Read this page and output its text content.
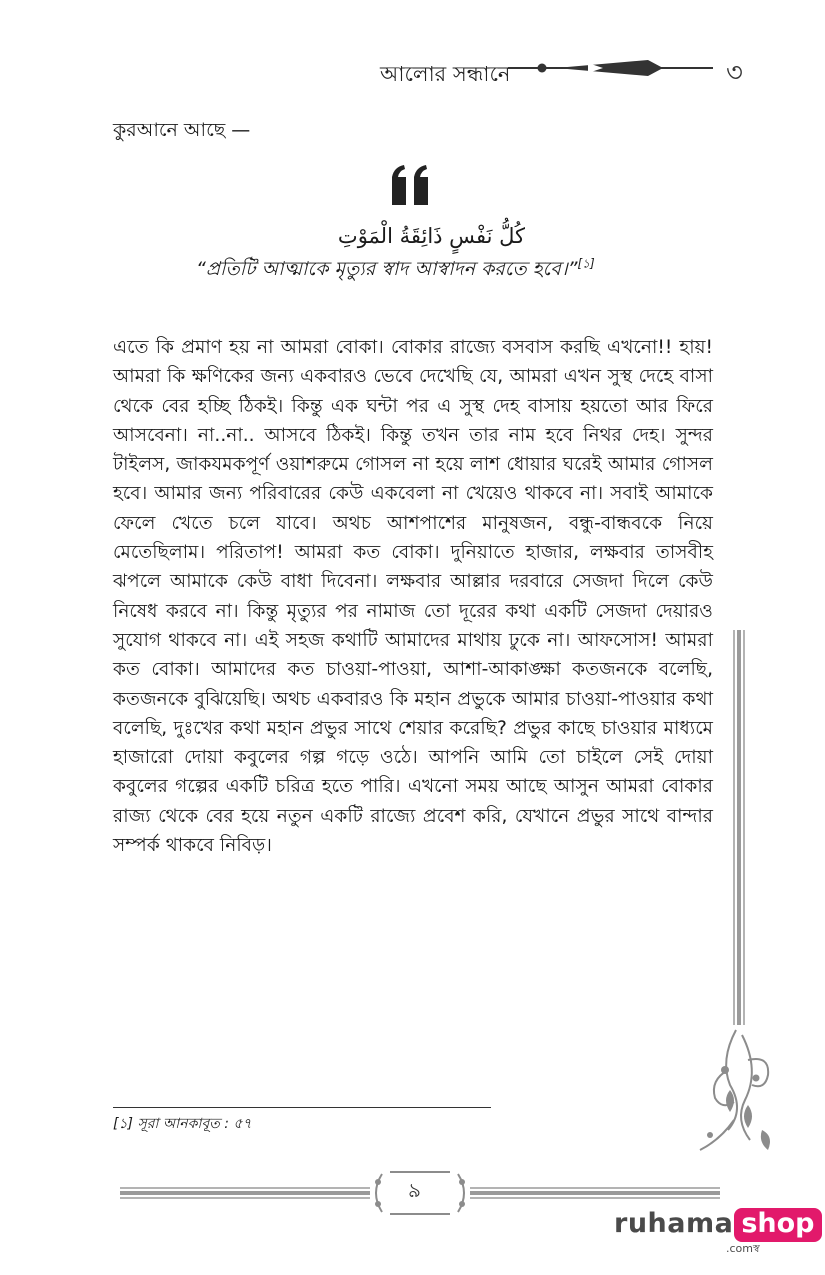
আলোর সন্ধানে	৩
কুরআনে আছে —
كُلُّ نَفْسٍ ذَائِقَةُ الْمَوْتِ
“প্রতিটি আত্মাকে মৃত্যুর স্বাদ আস্বাদন করতে হবে।”[১]
এতে কি প্রমাণ হয় না আমরা বোকা। বোকার রাজ্যে বসবাস করছি এখনো!! হায়! আমরা কি ক্ষণিকের জন্য একবারও ভেবে দেখেছি যে, আমরা এখন সুস্থ দেহে বাসা থেকে বের হচ্ছি ঠিকই। কিন্তু এক ঘন্টা পর এ সুস্থ দেহ বাসায় হয়তো আর ফিরে আসবেনা। না..না.. আসবে ঠিকই। কিন্তু তখন তার নাম হবে নিথর দেহ। সুন্দর টাইলস, জাকযমকপূর্ণ ওয়াশরুমে গোসল না হয়ে লাশ ধোয়ার ঘরেই আমার গোসল হবে। আমার জন্য পরিবারের কেউ একবেলা না খেয়েও থাকবে না। সবাই আমাকে ফেলে খেতে চলে যাবে। অথচ আশপাশের মানুষজন, বন্ধু-বান্ধবকে নিয়ে মেতেছিলাম। পরিতাপ! আমরা কত বোকা। দুনিয়াতে হাজার, লক্ষবার তাসবীহ ঝপলে আমাকে কেউ বাধা দিবেনা। লক্ষবার আল্লার দরবারে সেজদা দিলে কেউ নিষেধ করবে না। কিন্তু মৃত্যুর পর নামাজ তো দূরের কথা একটি সেজদা দেয়ারও সুযোগ থাকবে না। এই সহজ কথাটি আমাদের মাথায় ঢুকে না। আফসোস! আমরা কত বোকা। আমাদের কত চাওয়া-পাওয়া, আশা-আকাঙ্ক্ষা কতজনকে বলেছি, কতজনকে বুঝিয়েছি। অথচ একবারও কি মহান প্রভুকে আমার চাওয়া-পাওয়ার কথা বলেছি, দুঃখের কথা মহান প্রভুর সাথে শেয়ার করেছি? প্রভুর কাছে চাওয়ার মাধ্যমে হাজারো দোয়া কবুলের গল্প গড়ে ওঠে। আপনি আমি তো চাইলে সেই দোয়া কবুলের গল্পের একটি চরিত্র হতে পারি। এখনো সময় আছে আসুন আমরা বোকার রাজ্য থেকে বের হয়ে নতুন একটি রাজ্যে প্রবেশ করি, যেখানে প্রভুর সাথে বান্দার সম্পর্ক থাকবে নিবিড়।
[১] সূরা আনকাবূত : ৫৭
৯
ruhama shop
.comস্ব
